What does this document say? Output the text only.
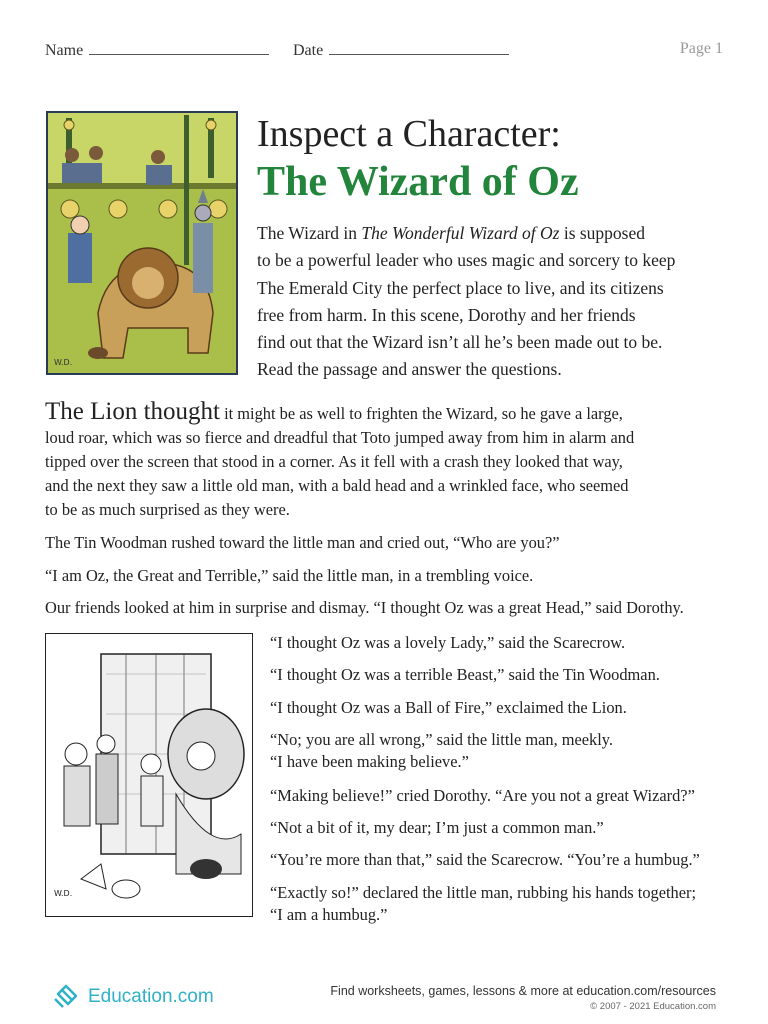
Name	Date	Page 1
W.D.
Inspect a Character:
The Wizard of Oz
The Wizard in The Wonderful Wizard of Oz is supposed
to be a powerful leader who uses magic and sorcery to keep
The Emerald City the perfect place to live, and its citizens
free from harm. In this scene, Dorothy and her friends
find out that the Wizard isn’t all he’s been made out to be.
Read the passage and answer the questions.
The Lion thought it might be as well to frighten the Wizard, so he gave a large,
loud roar, which was so fierce and dreadful that Toto jumped away from him in alarm and
tipped over the screen that stood in a corner. As it fell with a crash they looked that way,
and the next they saw a little old man, with a bald head and a wrinkled face, who seemed
to be as much surprised as they were.
The Tin Woodman rushed toward the little man and cried out, “Who are you?”
“I am Oz, the Great and Terrible,” said the little man, in a trembling voice.
Our friends looked at him in surprise and dismay. “I thought Oz was a great Head,” said Dorothy.
W.D.
“I thought Oz was a lovely Lady,” said the Scarecrow.
“I thought Oz was a terrible Beast,” said the Tin Woodman.
“I thought Oz was a Ball of Fire,” exclaimed the Lion.
“No; you are all wrong,” said the little man, meekly.
“I have been making believe.”
“Making believe!” cried Dorothy. “Are you not a great Wizard?”
“Not a bit of it, my dear; I’m just a common man.”
“You’re more than that,” said the Scarecrow. “You’re a humbug.”
“Exactly so!” declared the little man, rubbing his hands together;
“I am a humbug.”
Education.com	Find worksheets, games, lessons & more at education.com/resources
© 2007 - 2021 Education.com
